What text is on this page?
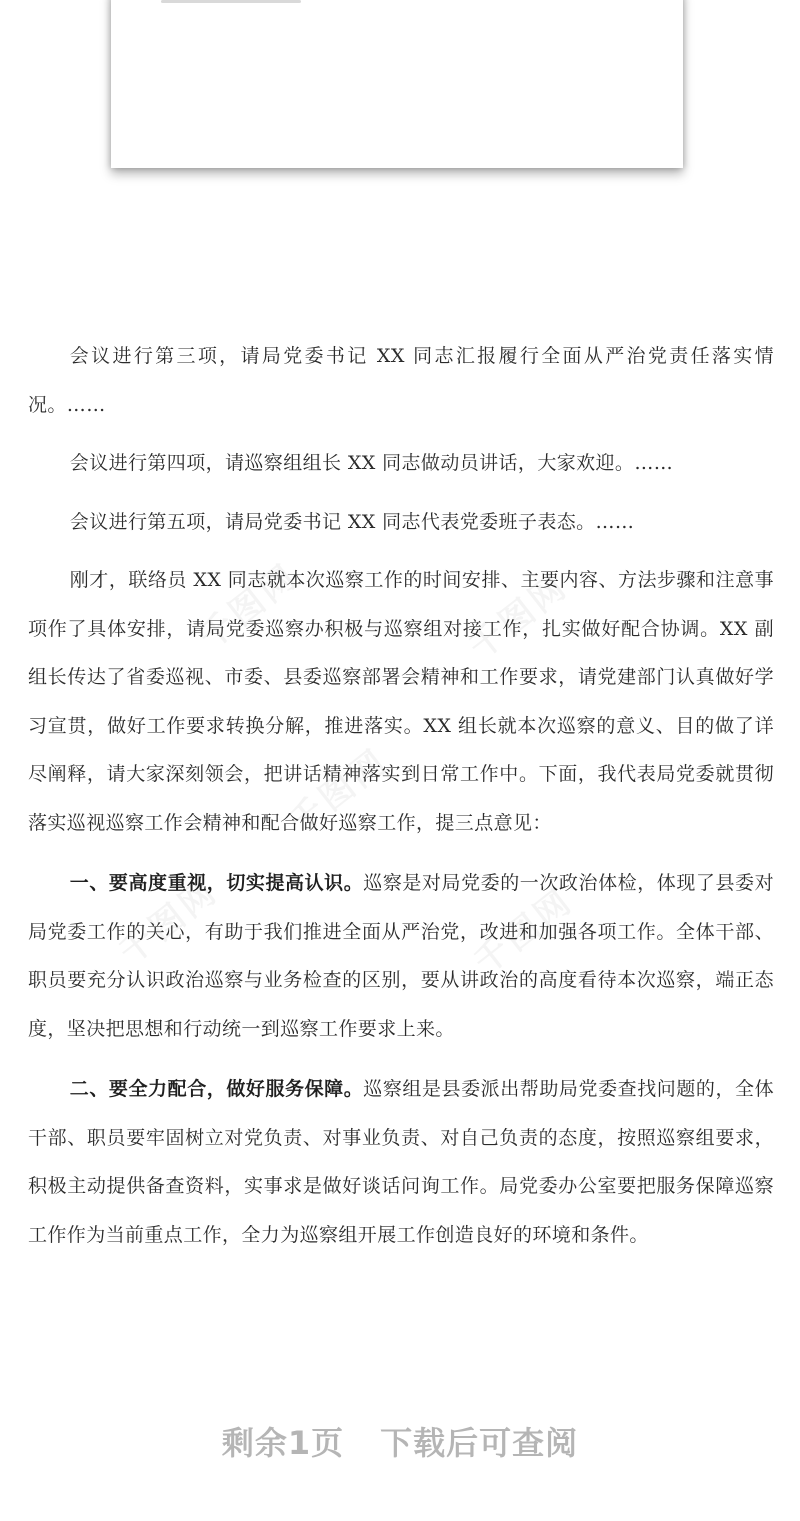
会议进行第三项，请局党委书记 XX 同志汇报履行全面从严治党责任落实情况。……

会议进行第四项，请巡察组组长 XX 同志做动员讲话，大家欢迎。……

会议进行第五项，请局党委书记 XX 同志代表党委班子表态。……

刚才，联络员 XX 同志就本次巡察工作的时间安排、主要内容、方法步骤和注意事项作了具体安排，请局党委巡察办积极与巡察组对接工作，扎实做好配合协调。XX 副组长传达了省委巡视、市委、县委巡察部署会精神和工作要求，请党建部门认真做好学习宣贯，做好工作要求转换分解，推进落实。XX 组长就本次巡察的意义、目的做了详尽阐释，请大家深刻领会，把讲话精神落实到日常工作中。下面，我代表局党委就贯彻落实巡视巡察工作会精神和配合做好巡察工作，提三点意见：

一、要高度重视，切实提高认识。巡察是对局党委的一次政治体检，体现了县委对局党委工作的关心，有助于我们推进全面从严治党，改进和加强各项工作。全体干部、职员要充分认识政治巡察与业务检查的区别，要从讲政治的高度看待本次巡察，端正态度，坚决把思想和行动统一到巡察工作要求上来。

二、要全力配合，做好服务保障。巡察组是县委派出帮助局党委查找问题的，全体干部、职员要牢固树立对党负责、对事业负责、对自己负责的态度，按照巡察组要求，积极主动提供备查资料，实事求是做好谈话问询工作。局党委办公室要把服务保障巡察工作作为当前重点工作，全力为巡察组开展工作创造良好的环境和条件。

剩余1页 下载后可查阅
